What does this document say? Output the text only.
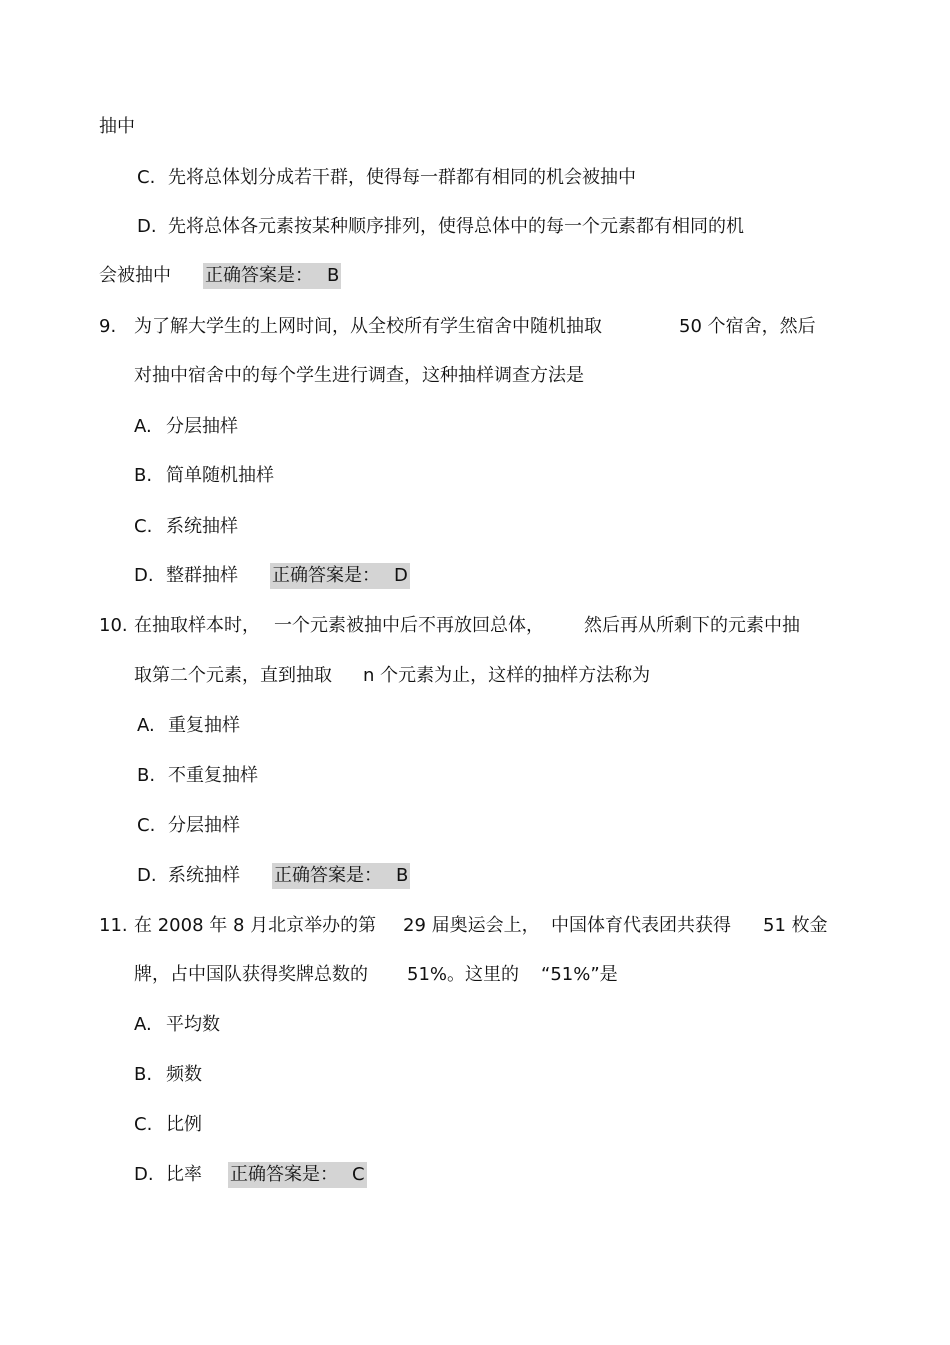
抽中
C. 先将总体划分成若干群，使得每一群都有相同的机会被抽中
D. 先将总体各元素按某种顺序排列，使得总体中的每一个元素都有相同的机
会被抽中 正确答案是： B
9. 为了解大学生的上网时间，从全校所有学生宿舍中随机抽取	50 个宿舍，然后
对抽中宿舍中的每个学生进行调查，这种抽样调查方法是
A. 分层抽样
B. 简单随机抽样
C. 系统抽样
D. 整群抽样 正确答案是： D
10. 在抽取样本时， 一个元素被抽中后不再放回总体， 然后再从所剩下的元素中抽
取第二个元素，直到抽取 n 个元素为止，这样的抽样方法称为
A. 重复抽样
B. 不重复抽样
C. 分层抽样
D. 系统抽样 正确答案是： B
11. 在 2008 年 8 月北京举办的第 29 届奥运会上， 中国体育代表团共获得 51 枚金
牌，占中国队获得奖牌总数的 51%。这里的 “51%”是
A. 平均数
B. 频数
C. 比例
D. 比率 正确答案是： C
